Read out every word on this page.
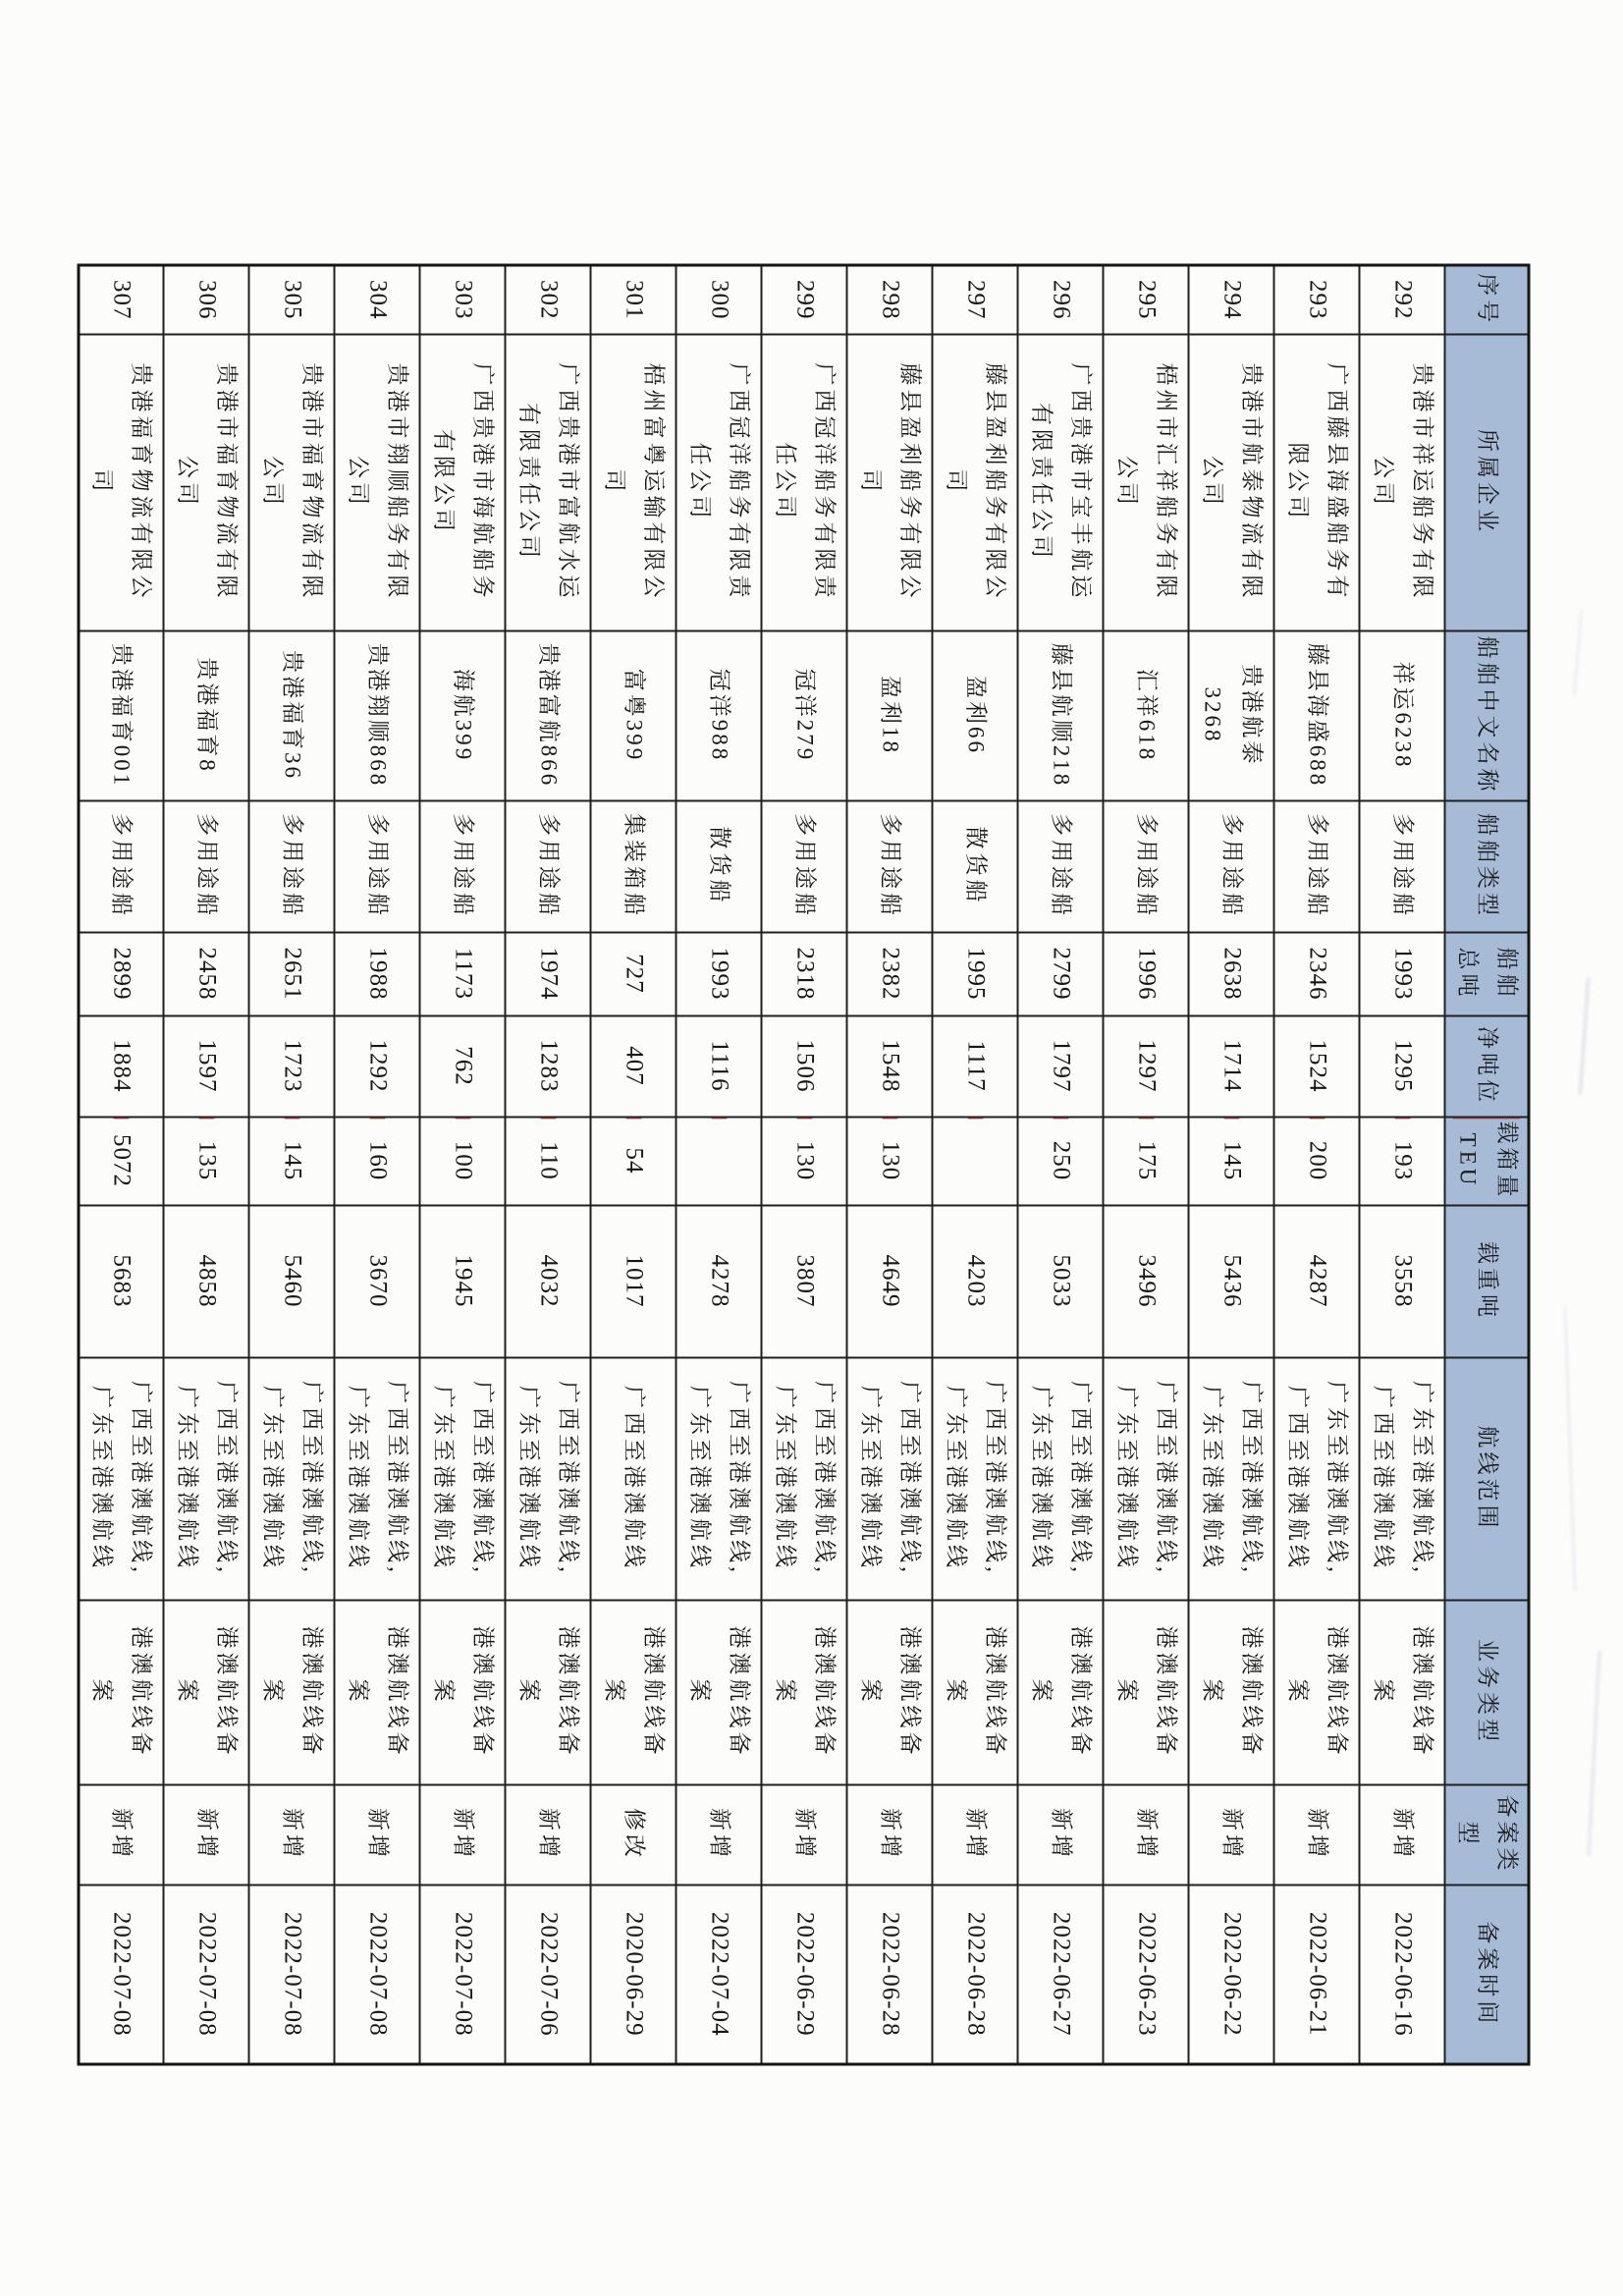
序号	所属企业	船舶中文名称	船舶类型	船舶总吨	净吨位	载箱量TEU	载重吨	航线范围	业务类型	备案类型	备案时间
292	贵港市祥运船务有限公司	祥运6238	多用途船	1993	1295	193	3558	广东至港澳航线,广西至港澳航线	港澳航线备案	新增	2022-06-16
293	广西藤县海盛船务有限公司	藤县海盛688	多用途船	2346	1524	200	4287	广东至港澳航线,广西至港澳航线	港澳航线备案	新增	2022-06-21
294	贵港市航泰物流有限公司	贵港航泰3268	多用途船	2638	1714	145	5436	广西至港澳航线,广东至港澳航线	港澳航线备案	新增	2022-06-22
295	梧州市汇祥船务有限公司	汇祥618	多用途船	1996	1297	175	3496	广西至港澳航线,广东至港澳航线	港澳航线备案	新增	2022-06-23
296	广西贵港市宝丰航运有限责任公司	藤县航顺218	多用途船	2799	1797	250	5033	广西至港澳航线,广东至港澳航线	港澳航线备案	新增	2022-06-27
297	藤县盈利船务有限公司	盈利66	散货船	1995	1117		4203	广西至港澳航线,广东至港澳航线	港澳航线备案	新增	2022-06-28
298	藤县盈利船务有限公司	盈利18	多用途船	2382	1548	130	4649	广西至港澳航线,广东至港澳航线	港澳航线备案	新增	2022-06-28
299	广西冠洋船务有限责任公司	冠洋279	多用途船	2318	1506	130	3807	广西至港澳航线,广东至港澳航线	港澳航线备案	新增	2022-06-29
300	广西冠洋船务有限责任公司	冠洋988	散货船	1993	1116		4278	广西至港澳航线,广东至港澳航线	港澳航线备案	新增	2022-07-04
301	梧州富粤运输有限公司	富粤399	集装箱船	727	407	54	1017	广西至港澳航线	港澳航线备案	修改	2020-06-29
302	广西贵港市富航水运有限责任公司	贵港富航866	多用途船	1974	1283	110	4032	广西至港澳航线,广东至港澳航线	港澳航线备案	新增	2022-07-06
303	广西贵港市海航船务有限公司	海航399	多用途船	1173	762	100	1945	广西至港澳航线,广东至港澳航线	港澳航线备案	新增	2022-07-08
304	贵港市翔顺船务有限公司	贵港翔顺868	多用途船	1988	1292	160	3670	广西至港澳航线,广东至港澳航线	港澳航线备案	新增	2022-07-08
305	贵港市福育物流有限公司	贵港福育36	多用途船	2651	1723	145	5460	广西至港澳航线,广东至港澳航线	港澳航线备案	新增	2022-07-08
306	贵港市福育物流有限公司	贵港福育8	多用途船	2458	1597	135	4858	广西至港澳航线,广东至港澳航线	港澳航线备案	新增	2022-07-08
307	贵港福育物流有限公司	贵港福育001	多用途船	2899	1884	5072	5683	广西至港澳航线,广东至港澳航线	港澳航线备案	新增	2022-07-08
